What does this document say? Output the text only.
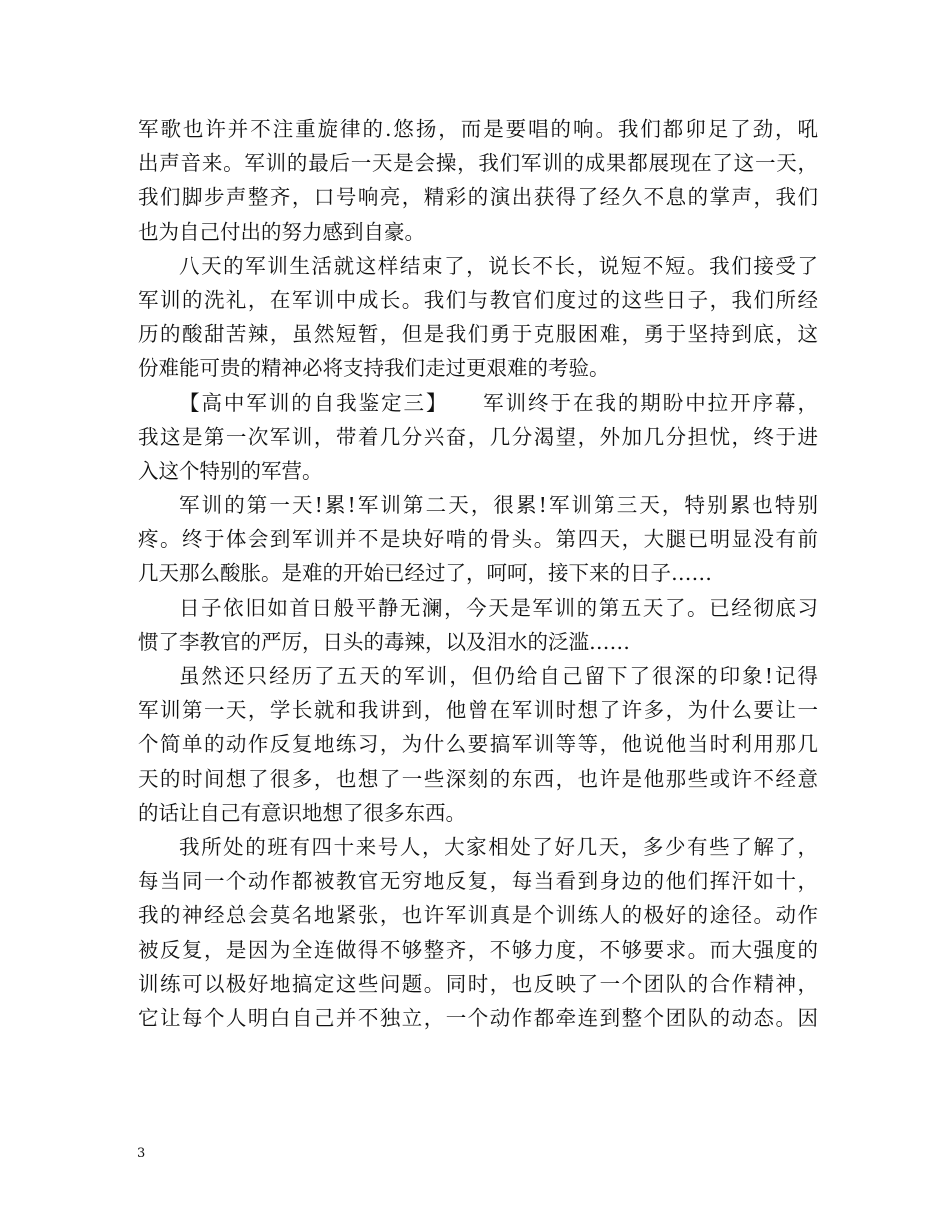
军歌也许并不注重旋律的.悠扬，而是要唱的响。我们都卯足了劲，吼
出声音来。军训的最后一天是会操，我们军训的成果都展现在了这一天，
我们脚步声整齐，口号响亮，精彩的演出获得了经久不息的掌声，我们
也为自己付出的努力感到自豪。
八天的军训生活就这样结束了，说长不长，说短不短。我们接受了
军训的洗礼，在军训中成长。我们与教官们度过的这些日子，我们所经
历的酸甜苦辣，虽然短暂，但是我们勇于克服困难，勇于坚持到底，这
份难能可贵的精神必将支持我们走过更艰难的考验。
【高中军训的自我鉴定三】　　军训终于在我的期盼中拉开序幕，
我这是第一次军训，带着几分兴奋，几分渴望，外加几分担忧，终于进
入这个特别的军营。
军训的第一天!累!军训第二天，很累!军训第三天，特别累也特别
疼。终于体会到军训并不是块好啃的骨头。第四天，大腿已明显没有前
几天那么酸胀。是难的开始已经过了，呵呵，接下来的日子……
日子依旧如首日般平静无澜，今天是军训的第五天了。已经彻底习
惯了李教官的严厉，日头的毒辣，以及泪水的泛滥……
虽然还只经历了五天的军训，但仍给自己留下了很深的印象!记得
军训第一天，学长就和我讲到，他曾在军训时想了许多，为什么要让一
个简单的动作反复地练习，为什么要搞军训等等，他说他当时利用那几
天的时间想了很多，也想了一些深刻的东西，也许是他那些或许不经意
的话让自己有意识地想了很多东西。
我所处的班有四十来号人，大家相处了好几天，多少有些了解了，
每当同一个动作都被教官无穷地反复，每当看到身边的他们挥汗如十，
我的神经总会莫名地紧张，也许军训真是个训练人的极好的途径。动作
被反复，是因为全连做得不够整齐，不够力度，不够要求。而大强度的
训练可以极好地搞定这些问题。同时，也反映了一个团队的合作精神，
它让每个人明白自己并不独立，一个动作都牵连到整个团队的动态。因
3
